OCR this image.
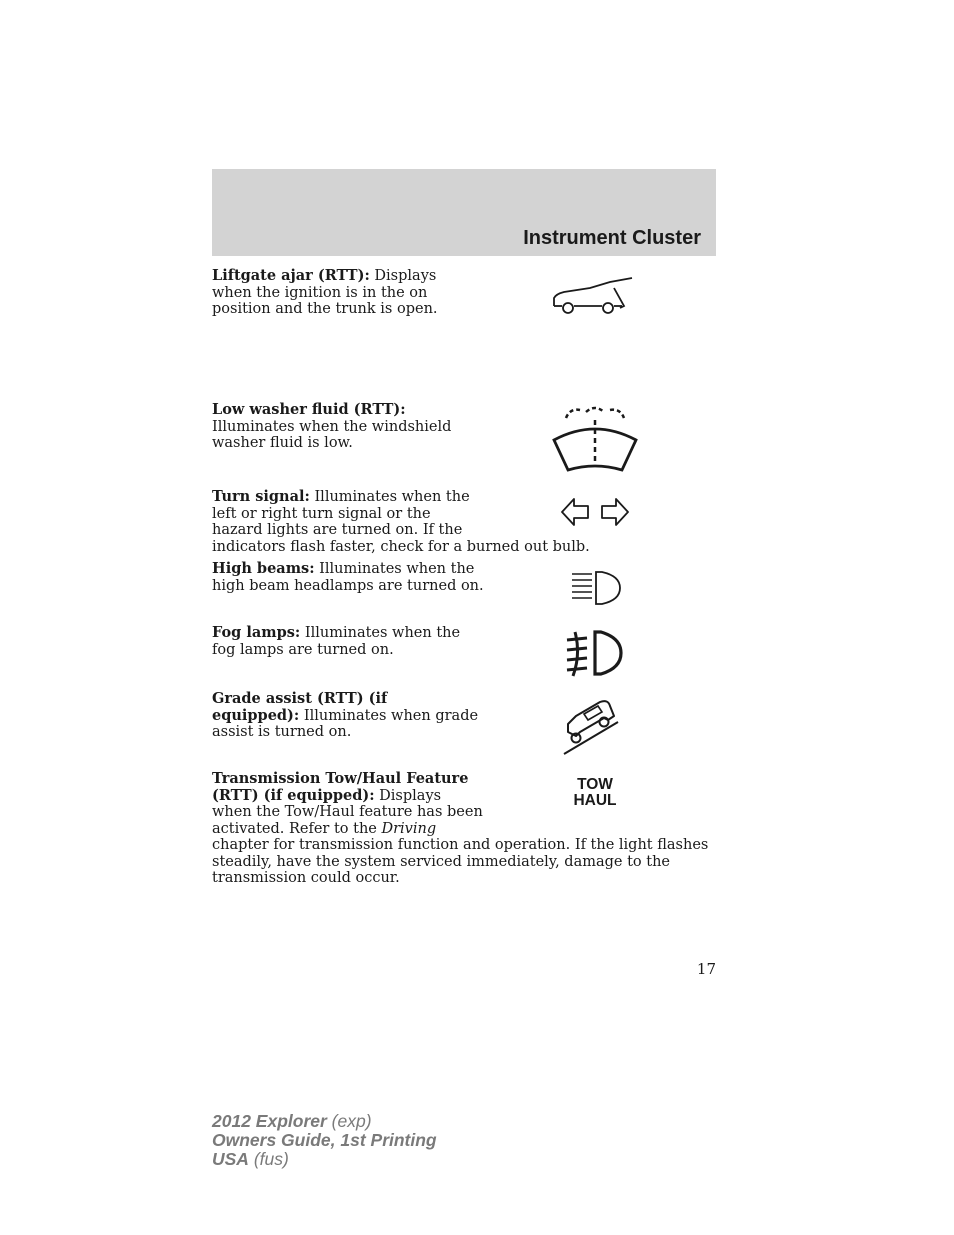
Instrument Cluster
Liftgate ajar (RTT): Displays
when the ignition is in the on
position and the trunk is open.
Low washer fluid (RTT):
Illuminates when the windshield
washer fluid is low.
Turn signal: Illuminates when the
left or right turn signal or the
hazard lights are turned on. If the
indicators flash faster, check for a burned out bulb.
High beams: Illuminates when the
high beam headlamps are turned on.
Fog lamps: Illuminates when the
fog lamps are turned on.
Grade assist (RTT) (if
equipped): Illuminates when grade
assist is turned on.
Transmission Tow/Haul Feature
(RTT) (if equipped): Displays
when the Tow/Haul feature has been
activated. Refer to the Driving
chapter for transmission function and operation. If the light flashes
steadily, have the system serviced immediately, damage to the
transmission could occur.
TOW
HAUL
17
2012 Explorer (exp)
Owners Guide, 1st Printing
USA (fus)
